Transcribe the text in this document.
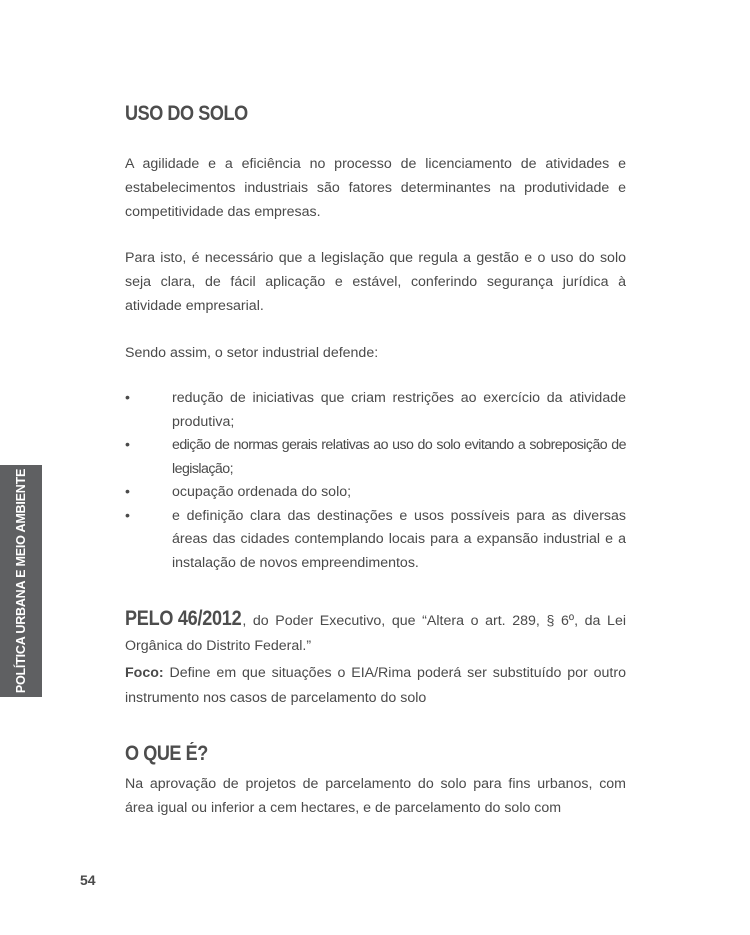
POLÍTICA URBANA E MEIO AMBIENTE
USO DO SOLO

A agilidade e a eficiência no processo de licenciamento de atividades e estabelecimentos industriais são fatores determinantes na produtividade e competitividade das empresas.

Para isto, é necessário que a legislação que regula a gestão e o uso do solo seja clara, de fácil aplicação e estável, conferindo segurança jurídica à atividade empresarial.

Sendo assim, o setor industrial defende:

•	redução de iniciativas que criam restrições ao exercício da atividade produtiva;
•	edição de normas gerais relativas ao uso do solo evitando a sobreposição de legislação;
•	ocupação ordenada do solo;
•	e definição clara das destinações e usos possíveis para as diversas áreas das cidades contemplando locais para a expansão industrial e a instalação de novos empreendimentos.

PELO 46/2012, do Poder Executivo, que “Altera o art. 289, § 6º, da Lei Orgânica do Distrito Federal.”

Foco: Define em que situações o EIA/Rima poderá ser substituído por outro instrumento nos casos de parcelamento do solo

O QUE É?

Na aprovação de projetos de parcelamento do solo para fins urbanos, com área igual ou inferior a cem hectares, e de parcelamento do solo com

54
